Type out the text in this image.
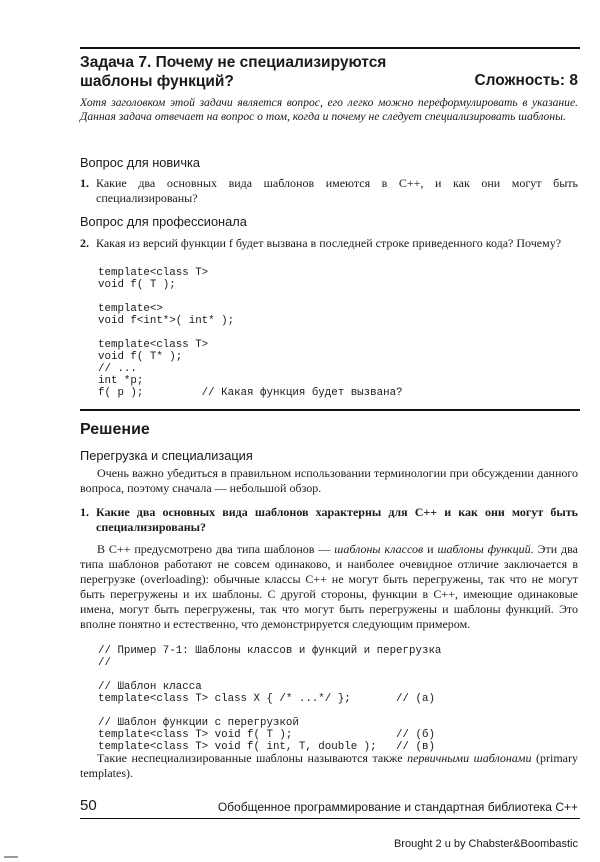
Задача 7. Почему не специализируются
шаблоны функций?	Сложность: 8
Хотя заголовком этой задачи является вопрос, его легко можно переформулировать в указание. Данная задача отвечает на вопрос о том, когда и почему не следует специализировать шаблоны.
Вопрос для новичка
1. Какие два основных вида шаблонов имеются в C++, и как они могут быть специализированы?
Вопрос для профессионала
2. Какая из версий функции f будет вызвана в последней строке приведенного кода? Почему?
template<class T>
void f( T );

template<>
void f<int*>( int* );

template<class T>
void f( T* );
// ...
int *p;
f( p );         // Какая функция будет вызвана?
Решение
Перегрузка и специализация
Очень важно убедиться в правильном использовании терминологии при обсуждении данного вопроса, поэтому сначала — небольшой обзор.
1. Какие два основных вида шаблонов характерны для C++ и как они могут быть специализированы?
В C++ предусмотрено два типа шаблонов — шаблоны классов и шаблоны функций. Эти два типа шаблонов работают не совсем одинаково, и наиболее очевидное отличие заключается в перегрузке (overloading): обычные классы C++ не могут быть перегружены, так что не могут быть перегружены и их шаблоны. С другой стороны, функции в C++, имеющие одинаковые имена, могут быть перегружены, так что могут быть перегружены и шаблоны функций. Это вполне понятно и естественно, что демонстрируется следующим примером.
// Пример 7-1: Шаблоны классов и функций и перегрузка
//

// Шаблон класса
template<class T> class X { /* ...*/ };       // (а)

// Шаблон функции с перегрузкой
template<class T> void f( T );                // (б)
template<class T> void f( int, T, double );   // (в)
Такие неспециализированные шаблоны называются также первичными шаблонами (primary templates).
50	Обобщенное программирование и стандартная библиотека C++
Brought 2 u by Chabster&Boombastic
